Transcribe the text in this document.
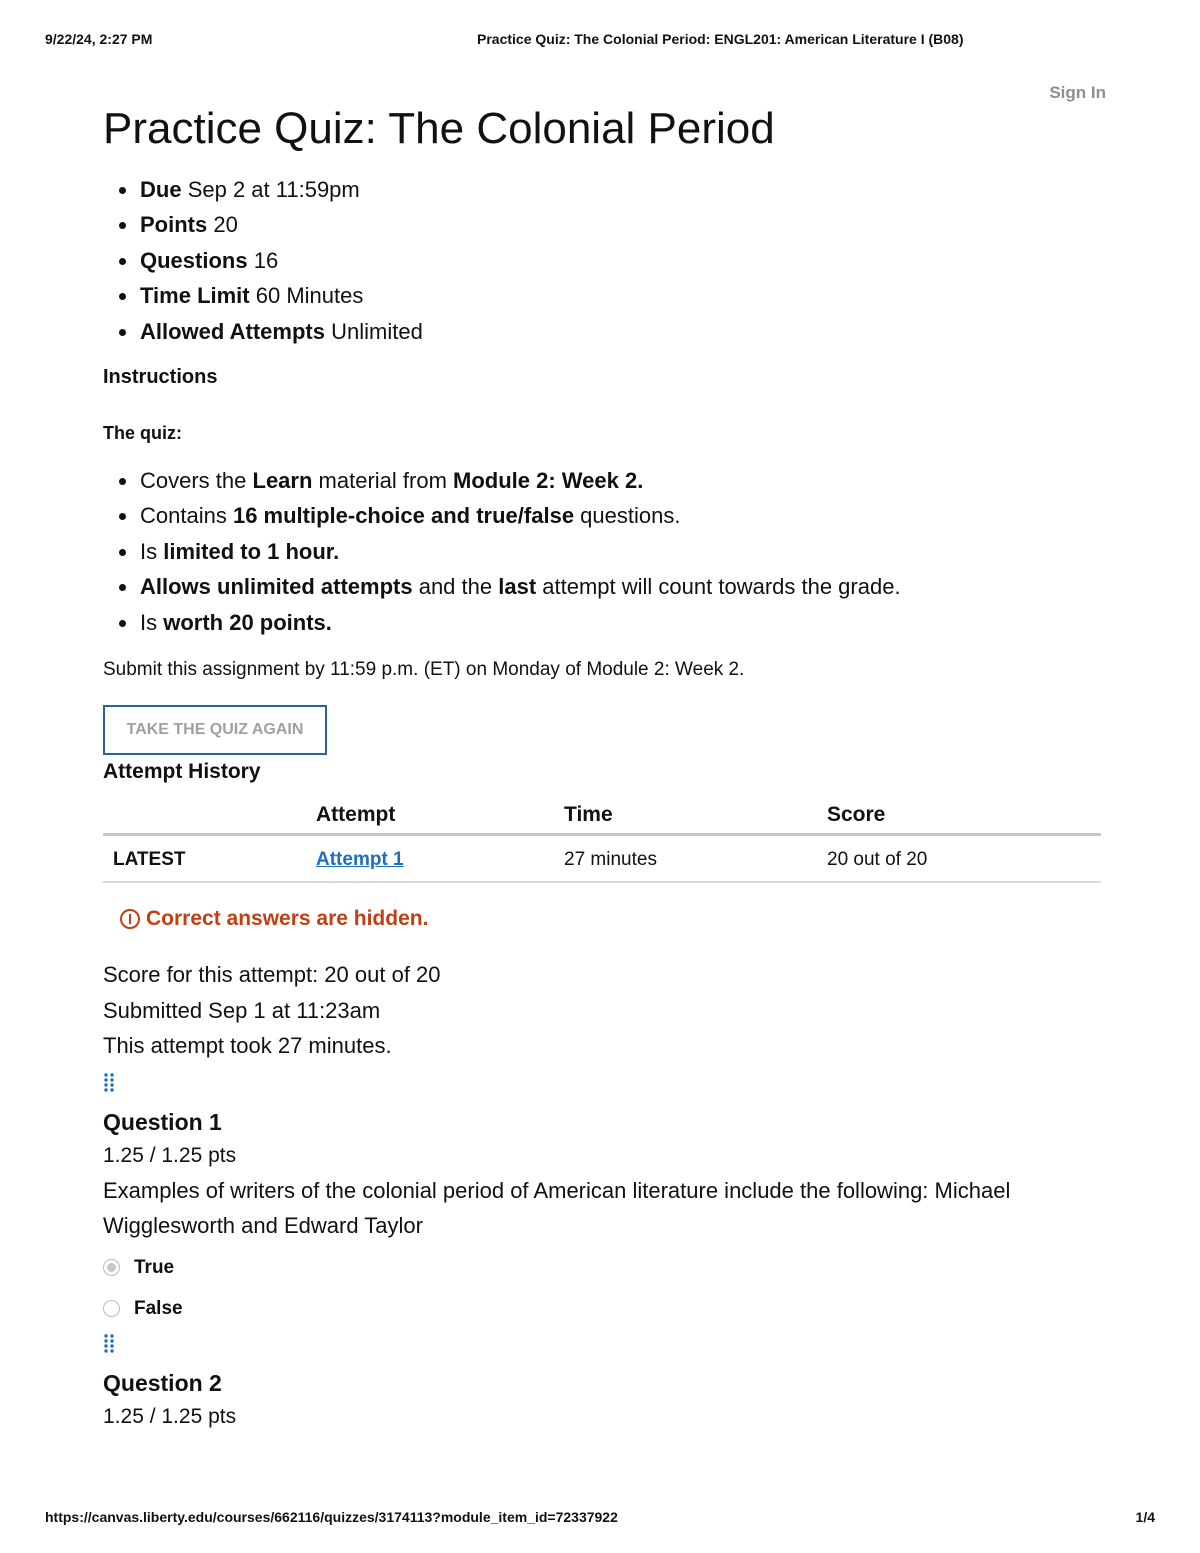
9/22/24, 2:27 PM	Practice Quiz: The Colonial Period: ENGL201: American Literature I (B08)
Sign In
Practice Quiz: The Colonial Period
• Due Sep 2 at 11:59pm
• Points 20
• Questions 16
• Time Limit 60 Minutes
• Allowed Attempts Unlimited
Instructions
The quiz:
• Covers the Learn material from Module 2: Week 2.
• Contains 16 multiple-choice and true/false questions.
• Is limited to 1 hour.
• Allows unlimited attempts and the last attempt will count towards the grade.
• Is worth 20 points.
Submit this assignment by 11:59 p.m. (ET) on Monday of Module 2: Week 2.
TAKE THE QUIZ AGAIN
Attempt History
	Attempt	Time	Score
LATEST	Attempt 1	27 minutes	20 out of 20
Correct answers are hidden.
Score for this attempt: 20 out of 20
Submitted Sep 1 at 11:23am
This attempt took 27 minutes.
Question 1
1.25 / 1.25 pts
Examples of writers of the colonial period of American literature include the following: Michael Wigglesworth and Edward Taylor
True
False
Question 2
1.25 / 1.25 pts
https://canvas.liberty.edu/courses/662116/quizzes/3174113?module_item_id=72337922	1/4
